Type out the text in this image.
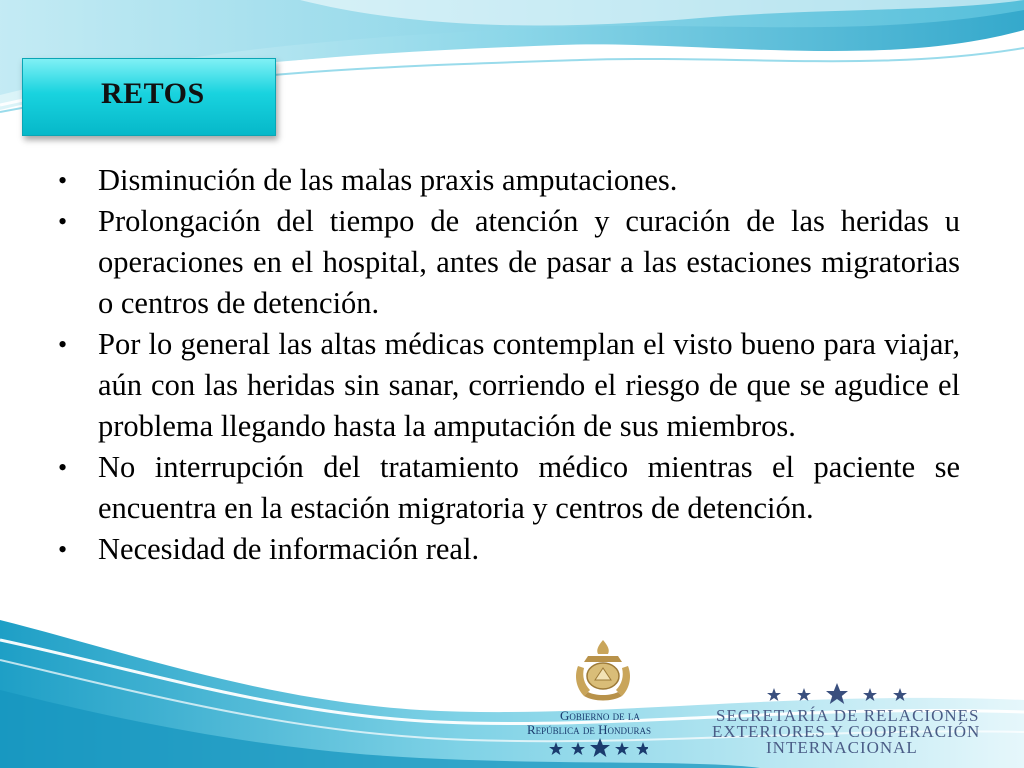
RETOS
• Disminución de las malas praxis amputaciones.
• Prolongación del tiempo de atención y curación de las heridas u operaciones en el hospital, antes de pasar a las estaciones migratorias o centros de detención.
• Por lo general las altas médicas contemplan el visto bueno para viajar, aún con las heridas sin sanar, corriendo el riesgo de que se agudice el problema llegando hasta la amputación de sus miembros.
• No interrupción del tratamiento médico mientras el paciente se encuentra en la estación migratoria y centros de detención.
• Necesidad de información real.
Gobierno de la
República de Honduras
SECRETARÍA DE RELACIONES
EXTERIORES Y COOPERACIÓN
INTERNACIONAL
